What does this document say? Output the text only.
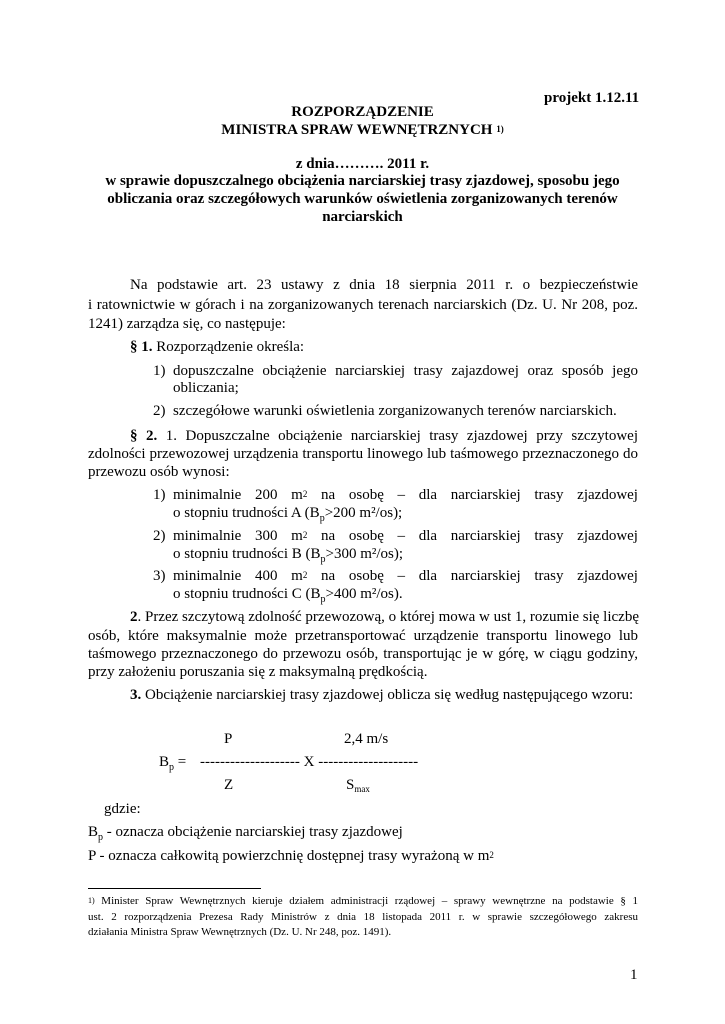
projekt 1.12.11
ROZPORZĄDZENIE
MINISTRA SPRAW WEWNĘTRZNYCH $^{1)}$
z dnia………. 2011 r.
w sprawie dopuszczalnego obciążenia narciarskiej trasy zjazdowej, sposobu jego
obliczania oraz szczegółowych warunków oświetlenia zorganizowanych terenów
narciarskich
Na podstawie art. 23 ustawy z dnia 18 sierpnia 2011 r. o bezpieczeństwie
i ratownictwie w górach i na zorganizowanych terenach narciarskich (Dz. U. Nr 208, poz.
1241) zarządza się, co następuje:
§ 1. Rozporządzenie określa:
1) dopuszczalne obciążenie narciarskiej trasy zajazdowej oraz sposób jego
obliczania;
2) szczegółowe warunki oświetlenia zorganizowanych terenów narciarskich.
§ 2. 1. Dopuszczalne obciążenie narciarskiej trasy zjazdowej przy szczytowej
zdolności przewozowej urządzenia transportu linowego lub taśmowego przeznaczonego do
przewozu osób wynosi:
1) minimalnie 200 $m^2$ na osobę – dla narciarskiej trasy zjazdowej
o stopniu trudności A ($B_p>200$ m²/os);
2) minimalnie 300 $m^2$ na osobę – dla narciarskiej trasy zjazdowej
o stopniu trudności B ($B_p>300$ m²/os);
3) minimalnie 400 $m^2$ na osobę – dla narciarskiej trasy zjazdowej
o stopniu trudności C ($B_p>400$ m²/os).
2. Przez szczytową zdolność przewozową, o której mowa w ust 1, rozumie się liczbę
osób, które maksymalnie może przetransportować urządzenie transportu linowego lub
taśmowego przeznaczonego do przewozu osób, transportując je w górę, w ciągu godziny,
przy założeniu poruszania się z maksymalną prędkością.
3. Obciążenie narciarskiej trasy zjazdowej oblicza się według następującego wzoru:
P	2,4 m/s
$B_p$ = -------------------- X --------------------
Z	$S_{max}$
gdzie:
$B_p$ - oznacza obciążenie narciarskiej trasy zjazdowej
P - oznacza całkowitą powierzchnię dostępnej trasy wyrażoną w $m^2$
$^{1)}$ Minister Spraw Wewnętrznych kieruje działem administracji rządowej – sprawy wewnętrzne na podstawie § 1
ust. 2 rozporządzenia Prezesa Rady Ministrów z dnia 18 listopada 2011 r. w sprawie szczegółowego zakresu
działania Ministra Spraw Wewnętrznych (Dz. U. Nr 248, poz. 1491).
1
